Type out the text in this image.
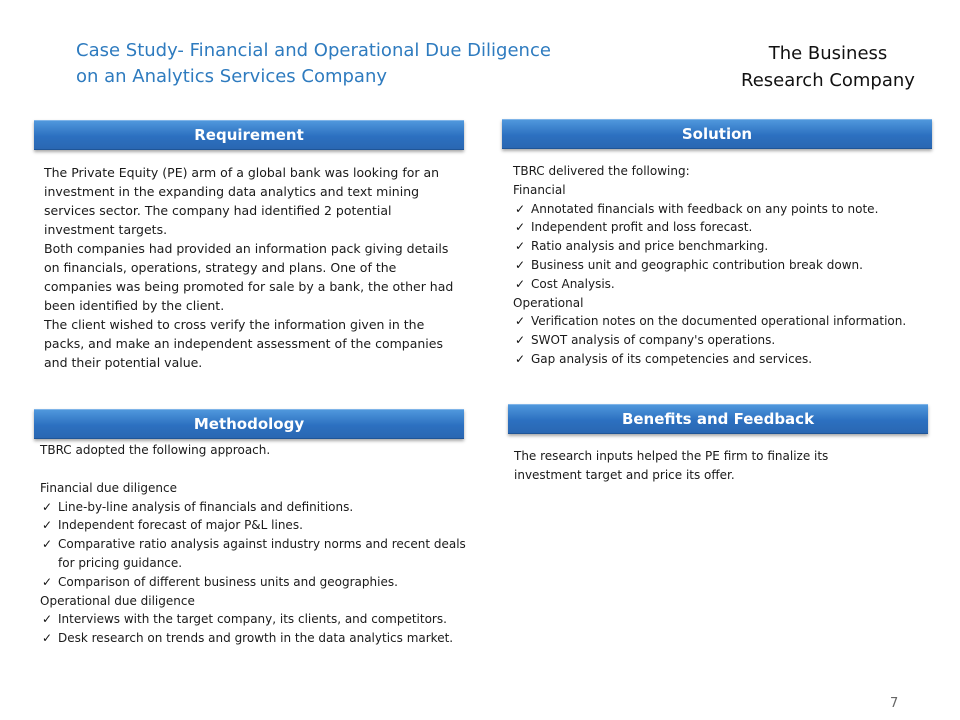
Case Study- Financial and Operational Due Diligence
on an Analytics Services Company
The Business
Research Company
Requirement

The Private Equity (PE) arm of a global bank was looking for an investment in the expanding data analytics and text mining services sector. The company had identified 2 potential investment targets.

Both companies had provided an information pack giving details on financials, operations, strategy and plans. One of the companies was being promoted for sale by a bank, the other had been identified by the client.

The client wished to cross verify the information given in the packs, and make an independent assessment of the companies and their potential value.

Solution

TBRC delivered the following:

Financial

✓ Annotated financials with feedback on any points to note.
✓ Independent profit and loss forecast.
✓ Ratio analysis and price benchmarking.
✓ Business unit and geographic contribution break down.
✓ Cost Analysis.

Operational

✓ Verification notes on the documented operational information.
✓ SWOT analysis of company's operations.
✓ Gap analysis of its competencies and services.
Methodology

TBRC adopted the following approach.

Financial due diligence

✓ Line-by-line analysis of financials and definitions.
✓ Independent forecast of major P&L lines.
✓ Comparative ratio analysis against industry norms and recent deals for pricing guidance.
✓ Comparison of different business units and geographies.

Operational due diligence

✓ Interviews with the target company, its clients, and competitors.
✓ Desk research on trends and growth in the data analytics market.
Benefits and Feedback
The research inputs helped the PE firm to finalize its investment target and price its offer.
7
